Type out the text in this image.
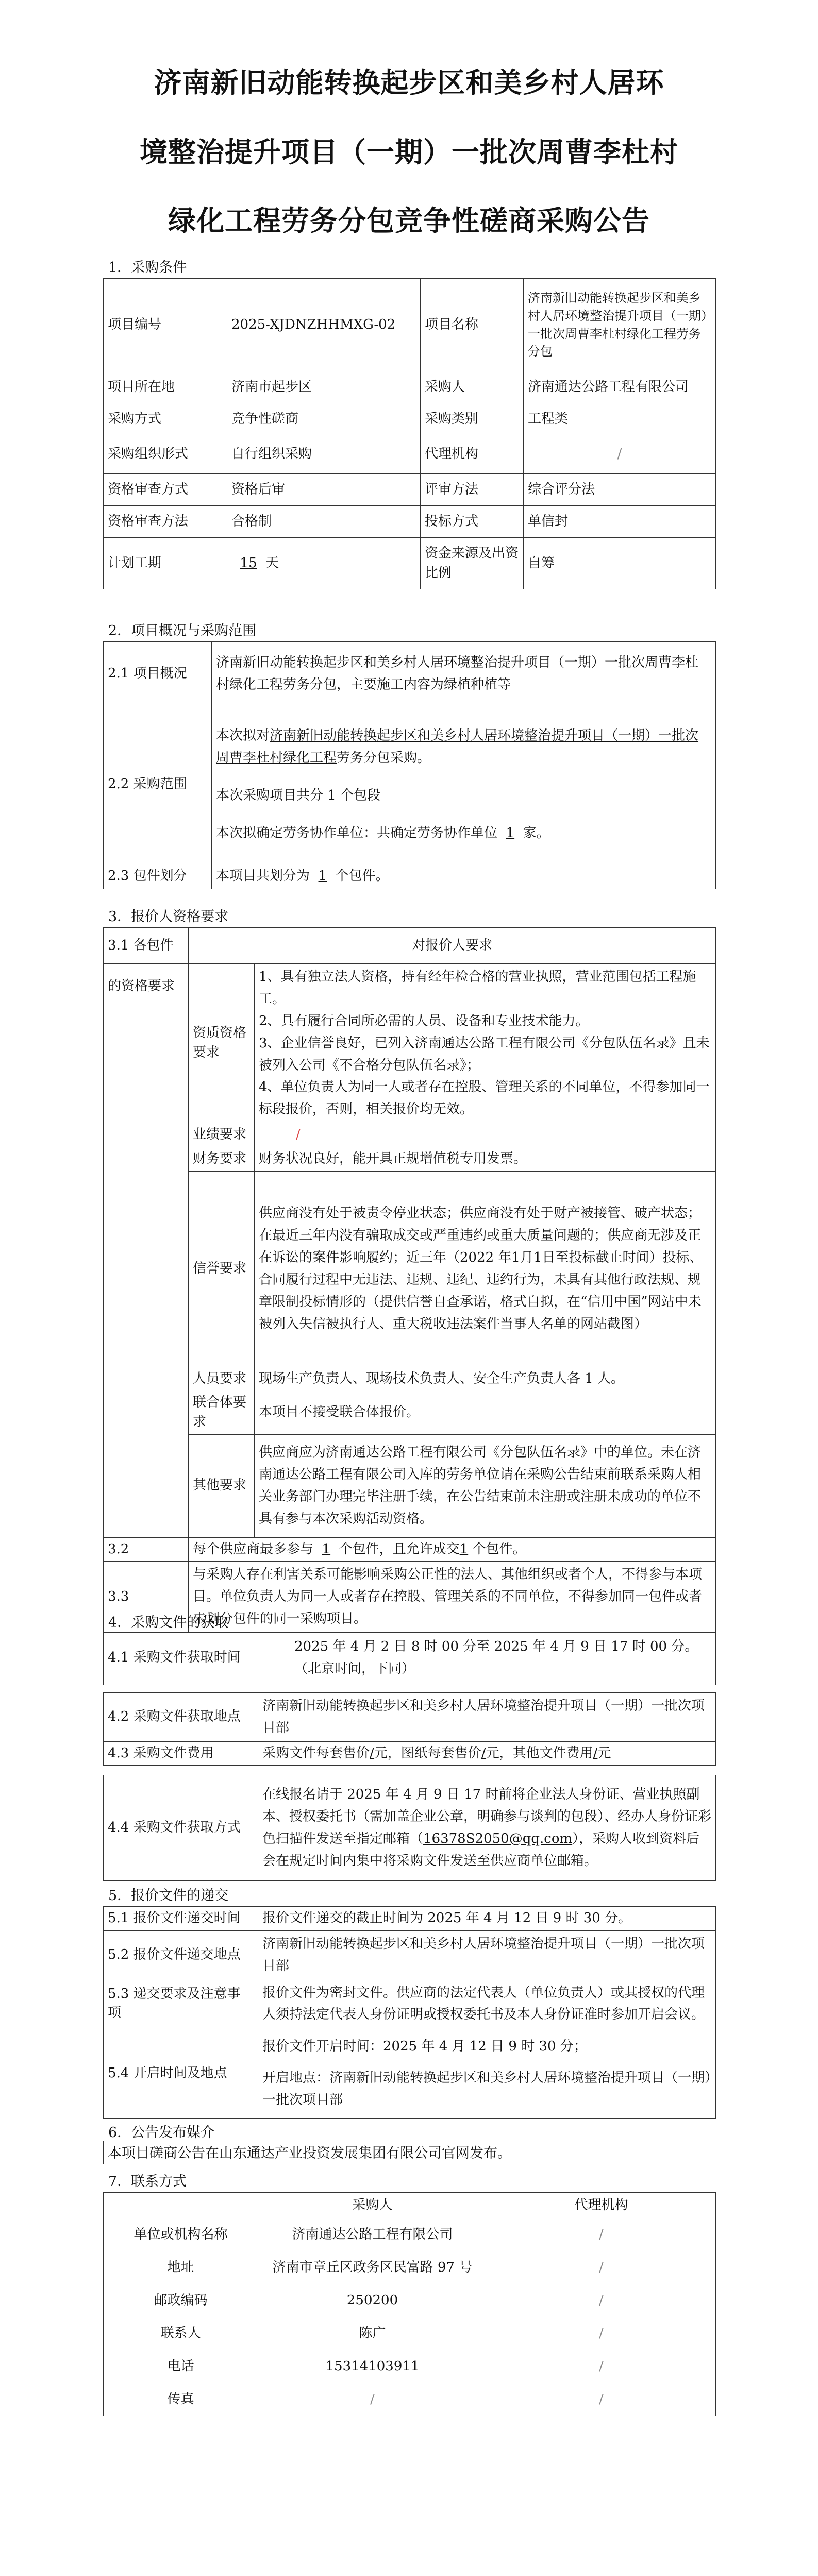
济南新旧动能转换起步区和美乡村人居环
境整治提升项目（一期）一批次周曹李杜村
绿化工程劳务分包竞争性磋商采购公告
1．采购条件
项目编号	2025-XJDNZHHMXG-02	项目名称	济南新旧动能转换起步区和美乡村人居环境整治提升项目（一期）一批次周曹李杜村绿化工程劳务分包
项目所在地	济南市起步区	采购人	济南通达公路工程有限公司
采购方式	竞争性磋商	采购类别	工程类
采购组织形式	自行组织采购	代理机构	/
资格审查方式	资格后审	评审方法	综合评分法
资格审查方法	合格制	投标方式	单信封
计划工期	15 天	资金来源及出资比例	自筹
2．项目概况与采购范围
2.1 项目概况	济南新旧动能转换起步区和美乡村人居环境整治提升项目（一期）一批次周曹李杜村绿化工程劳务分包，主要施工内容为绿植种植等
2.2 采购范围	本次拟对济南新旧动能转换起步区和美乡村人居环境整治提升项目（一期）一批次周曹李杜村绿化工程劳务分包采购。
本次采购项目共分 1 个包段
本次拟确定劳务协作单位：共确定劳务协作单位 1 家。

2.3 包件划分	本项目共划分为 1 个包件。
3．报价人资格要求
3.1 各包件	对报价人要求	
的资格要求	资质资格要求	1、具有独立法人资格，持有经年检合格的营业执照，营业范围包括工程施工。
2、具有履行合同所必需的人员、设备和专业技术能力。
3、企业信誉良好，已列入济南通达公路工程有限公司《分包队伍名录》且未被列入公司《不合格分包队伍名录》；
4、单位负责人为同一人或者存在控股、管理关系的不同单位，不得参加同一标段报价，否则，相关报价均无效。

	业绩要求	/
	财务要求	财务状况良好，能开具正规增值税专用发票。
	信誉要求	供应商没有处于被责令停业状态；供应商没有处于财产被接管、破产状态；在最近三年内没有骗取成交或严重违约或重大质量问题的；供应商无涉及正在诉讼的案件影响履约；近三年（2022 年1月1日至投标截止时间）投标、合同履行过程中无违法、违规、违纪、违约行为，未具有其他行政法规、规章限制投标情形的（提供信誉自查承诺，格式自拟，在“信用中国”网站中未被列入失信被执行人、重大税收违法案件当事人名单的网站截图）
	人员要求	现场生产负责人、现场技术负责人、安全生产负责人各 1 人。
	联合体要求	本项目不接受联合体报价。
	其他要求	供应商应为济南通达公路工程有限公司《分包队伍名录》中的单位。未在济南通达公路工程有限公司入库的劳务单位请在采购公告结束前联系采购人相关业务部门办理完毕注册手续，在公告结束前未注册或注册未成功的单位不具有参与本次采购活动资格。
3.2	每个供应商最多参与 1 个包件，且允许成交1 个包件。	
3.3	与采购人存在利害关系可能影响采购公正性的法人、其他组织或者个人，不得参与本项目。单位负责人为同一人或者存在控股、管理关系的不同单位，不得参加同一包件或者未划分包件的同一采购项目。	
4．采购文件的获取
4.1 采购文件获取时间	2025 年 4 月 2 日 8 时 00 分至 2025 年 4 月 9 日 17 时 00 分。（北京时间，下同）
4.2 采购文件获取地点	济南新旧动能转换起步区和美乡村人居环境整治提升项目（一期）一批次项目部
4.3 采购文件费用	采购文件每套售价/元，图纸每套售价/元，其他文件费用/元
4.4 采购文件获取方式	在线报名请于 2025 年 4 月 9 日 17 时前将企业法人身份证、营业执照副本、授权委托书（需加盖企业公章，明确参与谈判的包段）、经办人身份证彩色扫描件发送至指定邮箱（16378S2050@qq.com），采购人收到资料后会在规定时间内集中将采购文件发送至供应商单位邮箱。
5．报价文件的递交
5.1 报价文件递交时间	报价文件递交的截止时间为 2025 年 4 月 12 日 9 时 30 分。
5.2 报价文件递交地点	济南新旧动能转换起步区和美乡村人居环境整治提升项目（一期）一批次项目部
5.3 递交要求及注意事项	报价文件为密封文件。供应商的法定代表人（单位负责人）或其授权的代理人须持法定代表人身份证明或授权委托书及本人身份证准时参加开启会议。
5.4 开启时间及地点	报价文件开启时间：2025 年 4 月 12 日 9 时 30 分；
开启地点：济南新旧动能转换起步区和美乡村人居环境整治提升项目（一期）一批次项目部
6．公告发布媒介
本项目磋商公告在山东通达产业投资发展集团有限公司官网发布。
7．联系方式
	采购人	代理机构
单位或机构名称	济南通达公路工程有限公司	/
地址	济南市章丘区政务区民富路 97 号	/
邮政编码	250200	/
联系人	陈广	/
电话	15314103911	/
传真	/	/
